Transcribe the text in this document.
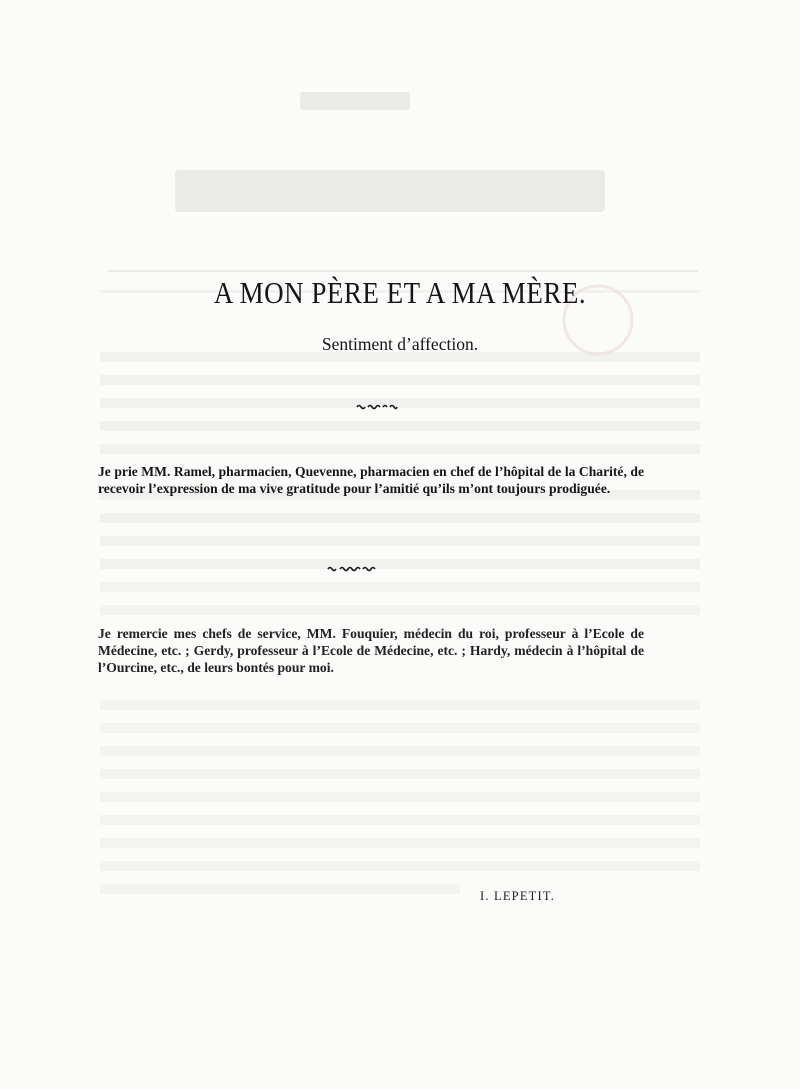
A MON PÈRE ET A MA MÈRE.
Sentiment d’affection.

Je prie MM. Ramel, pharmacien, Quevenne, pharmacien en chef de l’hôpital de la Charité, de recevoir l’expression de ma vive gratitude pour l’amitié qu’ils m’ont toujours prodiguée.

Je remercie mes chefs de service, MM. Fouquier, médecin du roi, professeur à l’Ecole de Médecine, etc. ; Gerdy, professeur à l’Ecole de Médecine, etc. ; Hardy, médecin à l’hôpital de l’Ourcine, etc., de leurs bontés pour moi.

I. LEPETIT.
